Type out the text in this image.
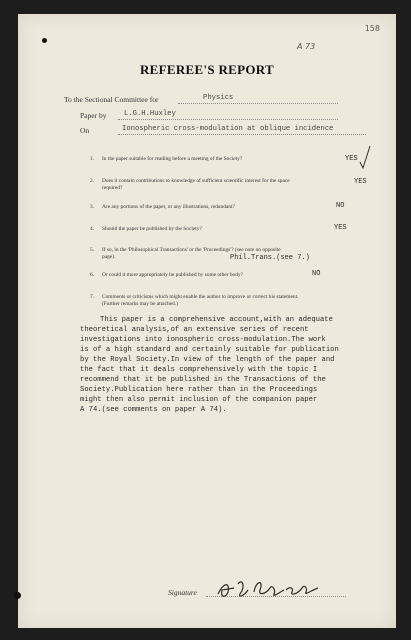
158
A 73
REFEREE'S REPORT
To the Sectional Committee for	Physics
Paper by L.G.H.Huxley
On	Ionospheric cross-modulation at oblique incidence
1. In the paper suitable for reading before a meeting of the Society?	YES
2. Does it contain contributions to knowledge of sufficient scientific interest for the space
required?
YES
3. Are any portions of the paper, or any illustrations, redundant?	NO
4. Should the paper be published by the Society?	YES
5. If so, in the 'Philosophical Transactions' or the 'Proceedings'? (see note on opposite
page).	Phil.Trans.(see 7.)
6. Or could it more appropriately be published by some other body?	NO
7. Comments or criticisms which might enable the author to improve or correct his statement.
(Further remarks may be attached.)
This paper is a comprehensive account,with an adequate
theoretical analysis,of an extensive series of recent
investigations into ionospheric cross-modulation.The work
is of a high standard and certainly suitable for publication
by the Royal Society.In view of the length of the paper and
the fact that it deals comprehensively with the topic I
recommend that it be published in the Transactions of the
Society.Publication here rather than in the Proceedings
might then also permit inclusion of the companion paper
A 74.(see comments on paper A 74).
Signature
